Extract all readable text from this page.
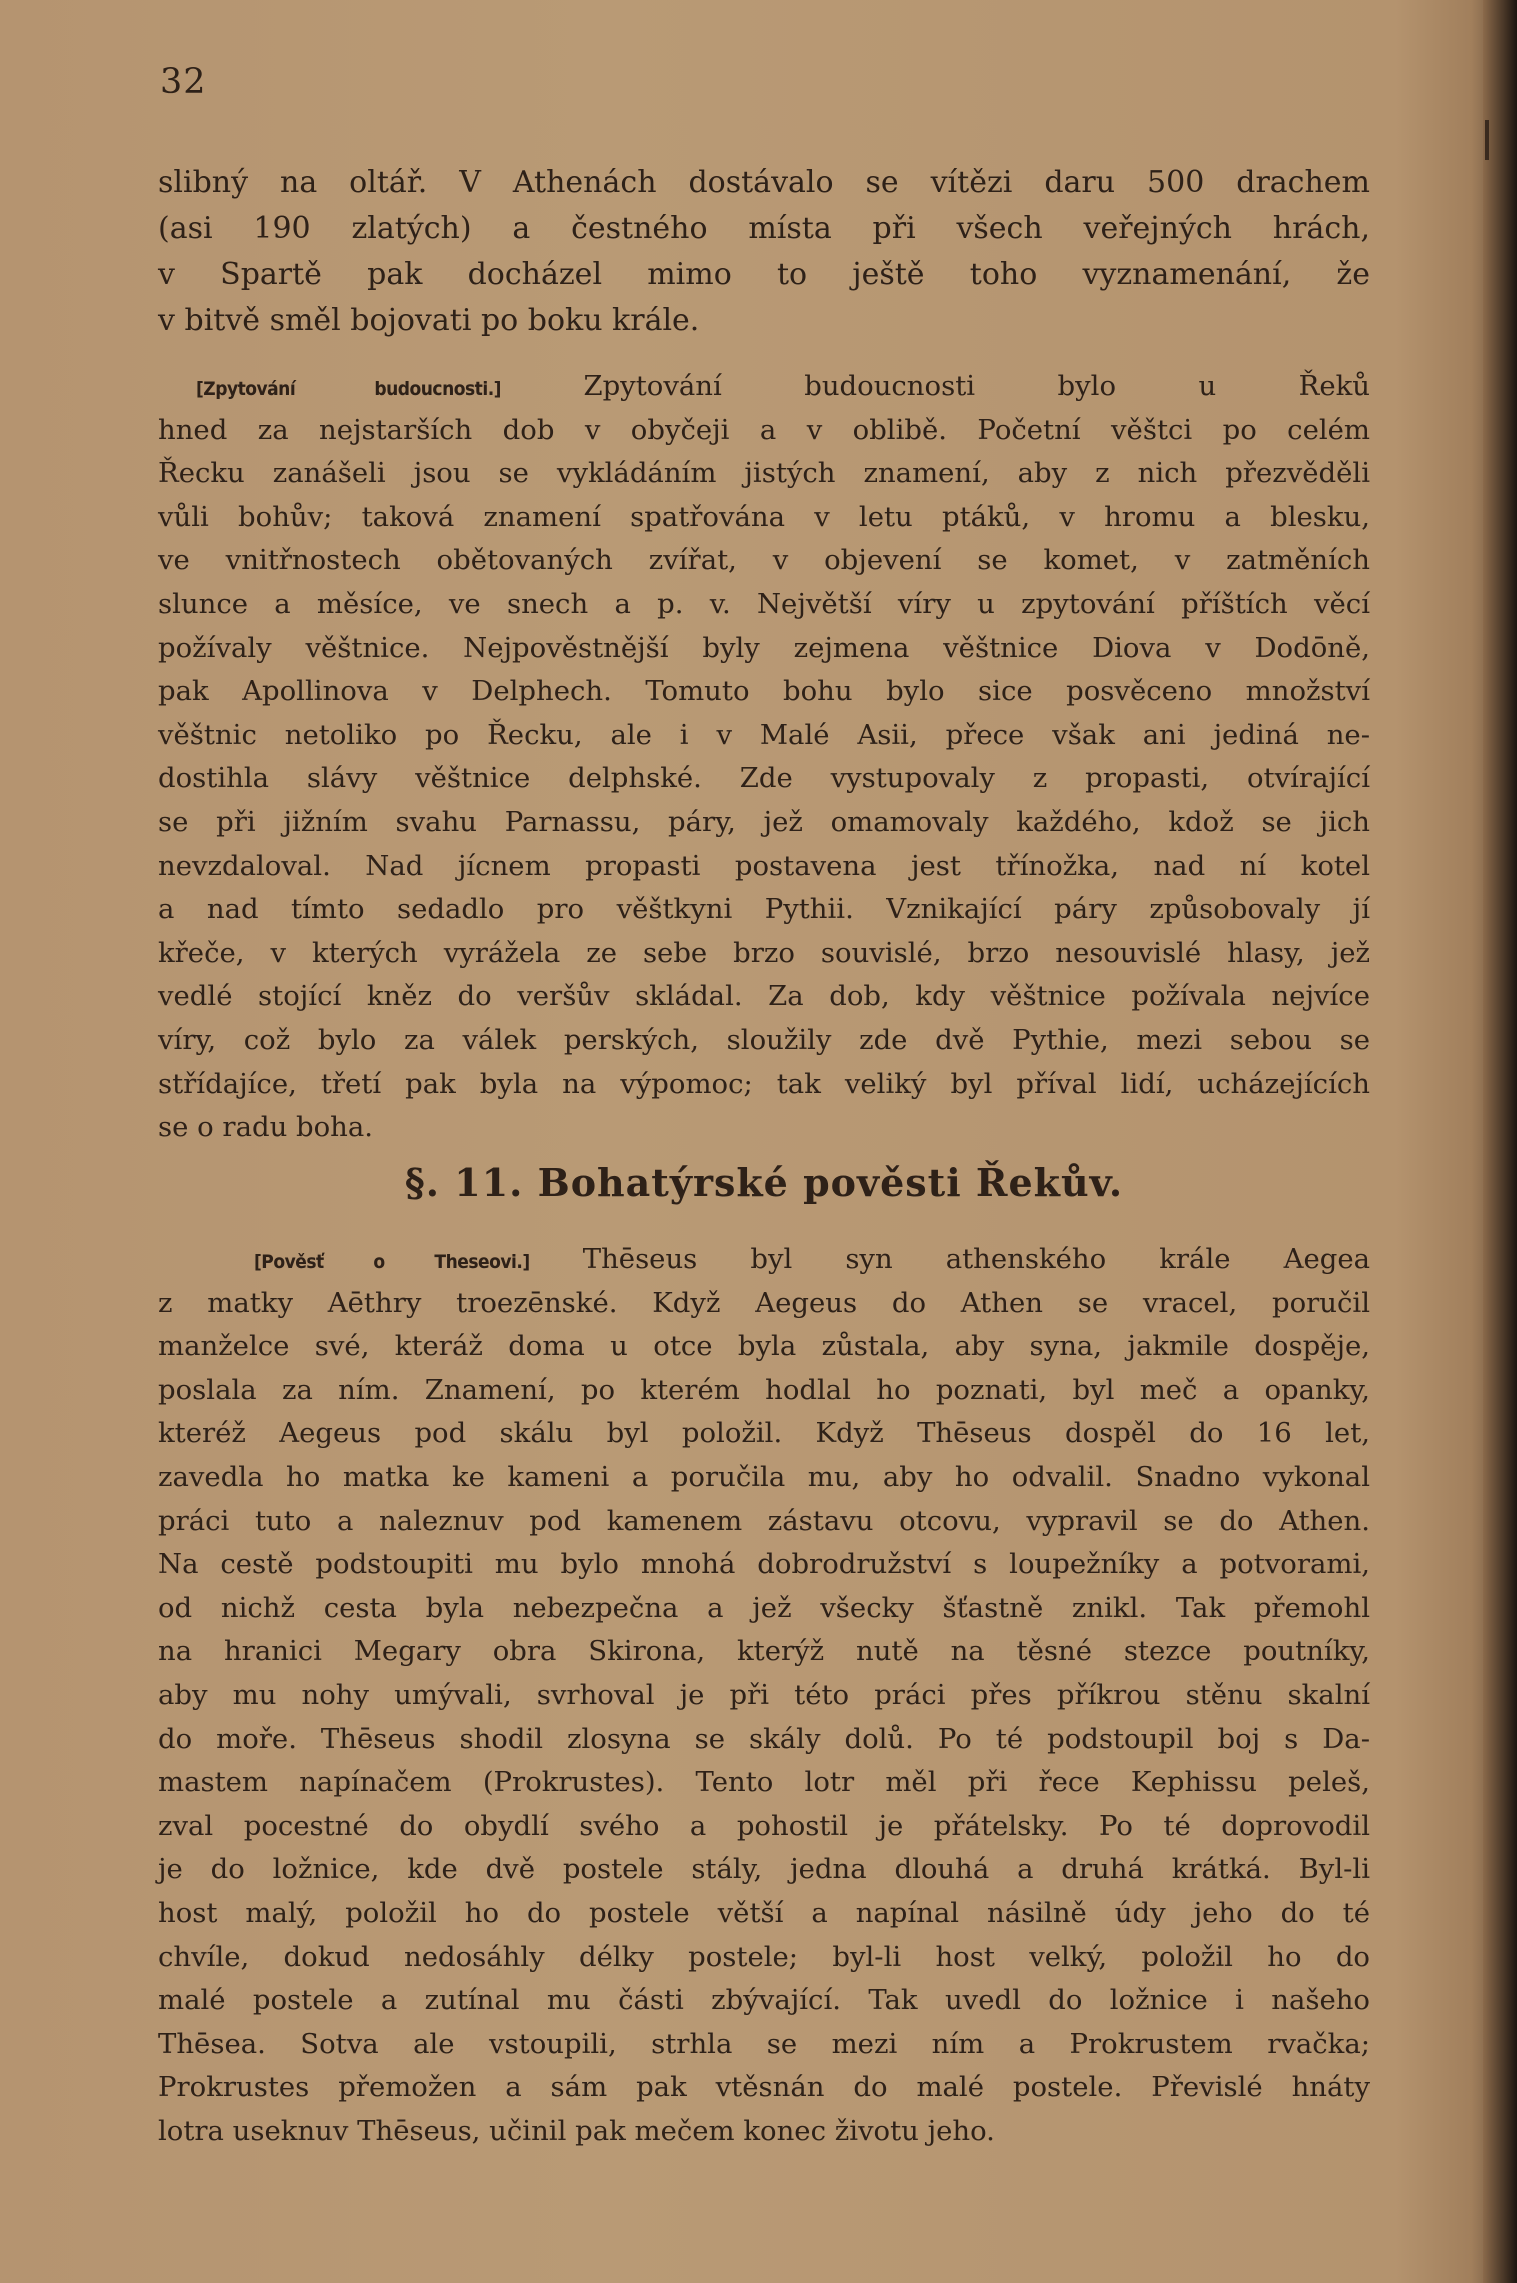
32
slibný na oltář. V Athenách dostávalo se vítězi daru 500 drachem
(asi 190 zlatých) a čestného místa při všech veřejných hrách,
v Spartě pak docházel mimo to ještě toho vyznamenání, že
v bitvě směl bojovati po boku krále.
[Zpytování budoucnosti.] Zpytování budoucnosti bylo u Řeků
hned za nejstarších dob v obyčeji a v oblibě. Početní věštci po celém
Řecku zanášeli jsou se vykládáním jistých znamení, aby z nich přezvěděli
vůli bohův; taková znamení spatřována v letu ptáků, v hromu a blesku,
ve vnitřnostech obětovaných zvířat, v objevení se komet, v zatměních
slunce a měsíce, ve snech a p. v. Největší víry u zpytování příštích věcí
požívaly věštnice. Nejpověstnější byly zejmena věštnice Diova v Dodōně,
pak Apollinova v Delphech. Tomuto bohu bylo sice posvěceno množství
věštnic netoliko po Řecku, ale i v Malé Asii, přece však ani jediná ne-
dostihla slávy věštnice delphské. Zde vystupovaly z propasti, otvírající
se při jižním svahu Parnassu, páry, jež omamovaly každého, kdož se jich
nevzdaloval. Nad jícnem propasti postavena jest třínožka, nad ní kotel
a nad tímto sedadlo pro věštkyni Pythii. Vznikající páry způsobovaly jí
křeče, v kterých vyrážela ze sebe brzo souvislé, brzo nesouvislé hlasy, jež
vedlé stojící kněz do veršův skládal. Za dob, kdy věštnice požívala nejvíce
víry, což bylo za válek perských, sloužily zde dvě Pythie, mezi sebou se
střídajíce, třetí pak byla na výpomoc; tak veliký byl příval lidí, ucházejících
se o radu boha.
§. 11. Bohatýrské pověsti Řekův.
[Pověsť o Theseovi.] Thēseus byl syn athenského krále Aegea
z matky Aēthry troezēnské. Když Aegeus do Athen se vracel, poručil
manželce své, kteráž doma u otce byla zůstala, aby syna, jakmile dospěje,
poslala za ním. Znamení, po kterém hodlal ho poznati, byl meč a opanky,
kteréž Aegeus pod skálu byl položil. Když Thēseus dospěl do 16 let,
zavedla ho matka ke kameni a poručila mu, aby ho odvalil. Snadno vykonal
práci tuto a naleznuv pod kamenem zástavu otcovu, vypravil se do Athen.
Na cestě podstoupiti mu bylo mnohá dobrodružství s loupežníky a potvorami,
od nichž cesta byla nebezpečna a jež všecky šťastně znikl. Tak přemohl
na hranici Megary obra Skirona, kterýž nutě na těsné stezce poutníky,
aby mu nohy umývali, svrhoval je při této práci přes příkrou stěnu skalní
do moře. Thēseus shodil zlosyna se skály dolů. Po té podstoupil boj s Da-
mastem napínačem (Prokrustes). Tento lotr měl při řece Kephissu peleš,
zval pocestné do obydlí svého a pohostil je přátelsky. Po té doprovodil
je do ložnice, kde dvě postele stály, jedna dlouhá a druhá krátká. Byl-li
host malý, položil ho do postele větší a napínal násilně údy jeho do té
chvíle, dokud nedosáhly délky postele; byl-li host velký, položil ho do
malé postele a zutínal mu části zbývající. Tak uvedl do ložnice i našeho
Thēsea. Sotva ale vstoupili, strhla se mezi ním a Prokrustem rvačka;
Prokrustes přemožen a sám pak vtěsnán do malé postele. Převislé hnáty
lotra useknuv Thēseus, učinil pak mečem konec životu jeho.
